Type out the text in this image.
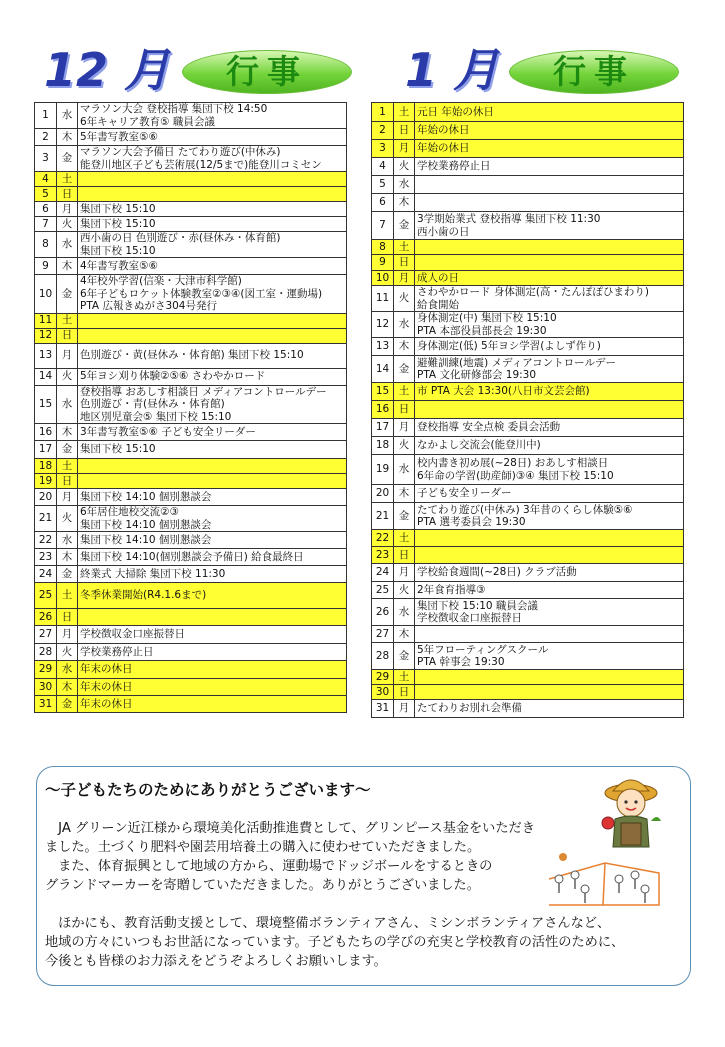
12 月	行事	1 月	行事
1	水	マラソン大会 登校指導 集団下校 14:50
6年キャリア教育⑤ 職員会議

2	木	5年書写教室⑤⑥

3	金	マラソン大会予備日 たてわり遊び(中休み)
能登川地区子ども芸術展(12/5まで)能登川コミセン

4	土	

5	日	

6	月	集団下校 15:10

7	火	集団下校 15:10

8	水	西小歯の日 色別遊び・赤(昼休み・体育館)
集団下校 15:10

9	木	4年書写教室⑤⑥

10	金	4年校外学習(信楽・大津市科学館)
6年子どもロケット体験教室②③④(図工室・運動場)
PTA 広報きぬがさ304号発行

11	土	

12	日	

13	月	色別遊び・黄(昼休み・体育館) 集団下校 15:10

14	火	5年ヨシ刈り体験②⑤⑥ さわやかロード

15	水	登校指導 おあしす相談日 メディアコントロールデー
色別遊び・青(昼休み・体育館)
地区別児童会⑤ 集団下校 15:10

16	木	3年書写教室⑤⑥ 子ども安全リーダー

17	金	集団下校 15:10

18	土	

19	日	

20	月	集団下校 14:10 個別懇談会

21	火	6年居住地校交流②③
集団下校 14:10 個別懇談会

22	水	集団下校 14:10 個別懇談会

23	木	集団下校 14:10(個別懇談会予備日) 給食最終日

24	金	終業式 大掃除 集団下校 11:30

25	土	冬季休業開始(R4.1.6まで)

26	日	

27	月	学校徴収金口座振替日

28	火	学校業務停止日

29	水	年末の休日

30	木	年末の休日

31	金	年末の休日
1	土	元日 年始の休日

2	日	年始の休日

3	月	年始の休日

4	火	学校業務停止日

5	水	

6	木	

7	金	3学期始業式 登校指導 集団下校 11:30
西小歯の日

8	土	

9	日	

10	月	成人の日

11	火	さわやかロード 身体測定(高・たんぽぽひまわり)
給食開始

12	水	身体測定(中) 集団下校 15:10
PTA 本部役員部長会 19:30

13	木	身体測定(低) 5年ヨシ学習(よしず作り)

14	金	避難訓練(地震) メディアコントロールデー
PTA 文化研修部会 19:30

15	土	市 PTA 大会 13:30(八日市文芸会館)

16	日	

17	月	登校指導 安全点検 委員会活動

18	火	なかよし交流会(能登川中)

19	水	校内書き初め展(~28日) おあしす相談日
6年命の学習(助産師)③④ 集団下校 15:10

20	木	子ども安全リーダー

21	金	たてわり遊び(中休み) 3年昔のくらし体験⑤⑥
PTA 選考委員会 19:30

22	土	

23	日	

24	月	学校給食週間(~28日) クラブ活動

25	火	2年食育指導③

26	水	集団下校 15:10 職員会議
学校徴収金口座振替日

27	木	

28	金	5年フローティングスクール
PTA 幹事会 19:30

29	土	

30	日	

31	月	たてわりお別れ会準備
～子どもたちのためにありがとうございます～
　JA グリーン近江様から環境美化活動推進費として、グリンピース基金をいただき
ました。土づくり肥料や園芸用培養土の購入に使わせていただきました。
　また、体育振興として地域の方から、運動場でドッジボールをするときの
グランドマーカーを寄贈していただきました。ありがとうございました。
　ほかにも、教育活動支援として、環境整備ボランティアさん、ミシンボランティアさんなど、
地域の方々にいつもお世話になっています。子どもたちの学びの充実と学校教育の活性のために、
今後とも皆様のお力添えをどうぞよろしくお願いします。
